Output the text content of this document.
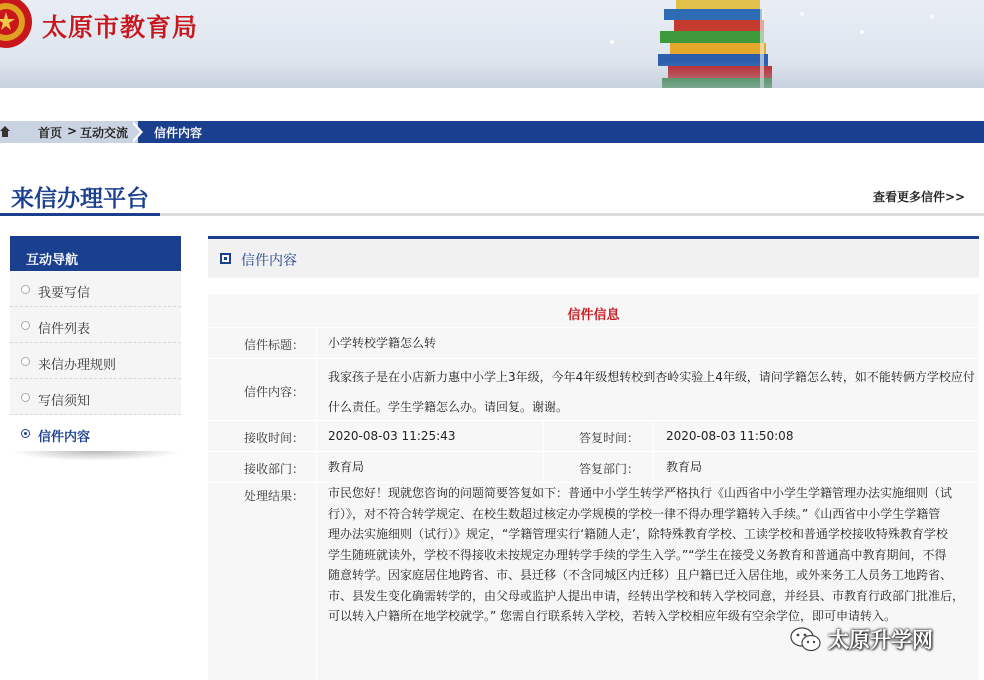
太原市教育局
首页 > 互动交流 信件内容
来信办理平台	查看更多信件>>
互动导航
我要写信
信件列表
来信办理规则
写信须知
信件内容
信件内容
信件信息
信件标题：	小学转校学籍怎么转
信件内容：
我家孩子是在小店新力惠中小学上3年级，今年4年级想转校到杏岭实验上4年级，请问学籍怎么转，如不能转俩方学校应付什么责任。学生学籍怎么办。请回复。谢谢。
接收时间：	2020-08-03 11:25:43	答复时间：	2020-08-03 11:50:08
接收部门：	教育局	答复部门：	教育局
处理结果：	市民您好！现就您咨询的问题简要答复如下：普通中小学生转学严格执行《山西省中小学生学籍管理办法实施细则（试
行）》，对不符合转学规定、在校生数超过核定办学规模的学校一律不得办理学籍转入手续。”《山西省中小学生学籍管
理办法实施细则（试行）》规定，“学籍管理实行‘籍随人走’，除特殊教育学校、工读学校和普通学校接收特殊教育学校
学生随班就读外，学校不得接收未按规定办理转学手续的学生入学。”“学生在接受义务教育和普通高中教育期间，不得
随意转学。因家庭居住地跨省、市、县迁移（不含同城区内迁移）且户籍已迁入居住地，或外来务工人员务工地跨省、
市、县发生变化确需转学的，由父母或监护人提出申请，经转出学校和转入学校同意，并经县、市教育行政部门批准后，
可以转入户籍所在地学校就学。” 您需自行联系转入学校，若转入学校相应年级有空余学位，即可申请转入。
太原升学网
